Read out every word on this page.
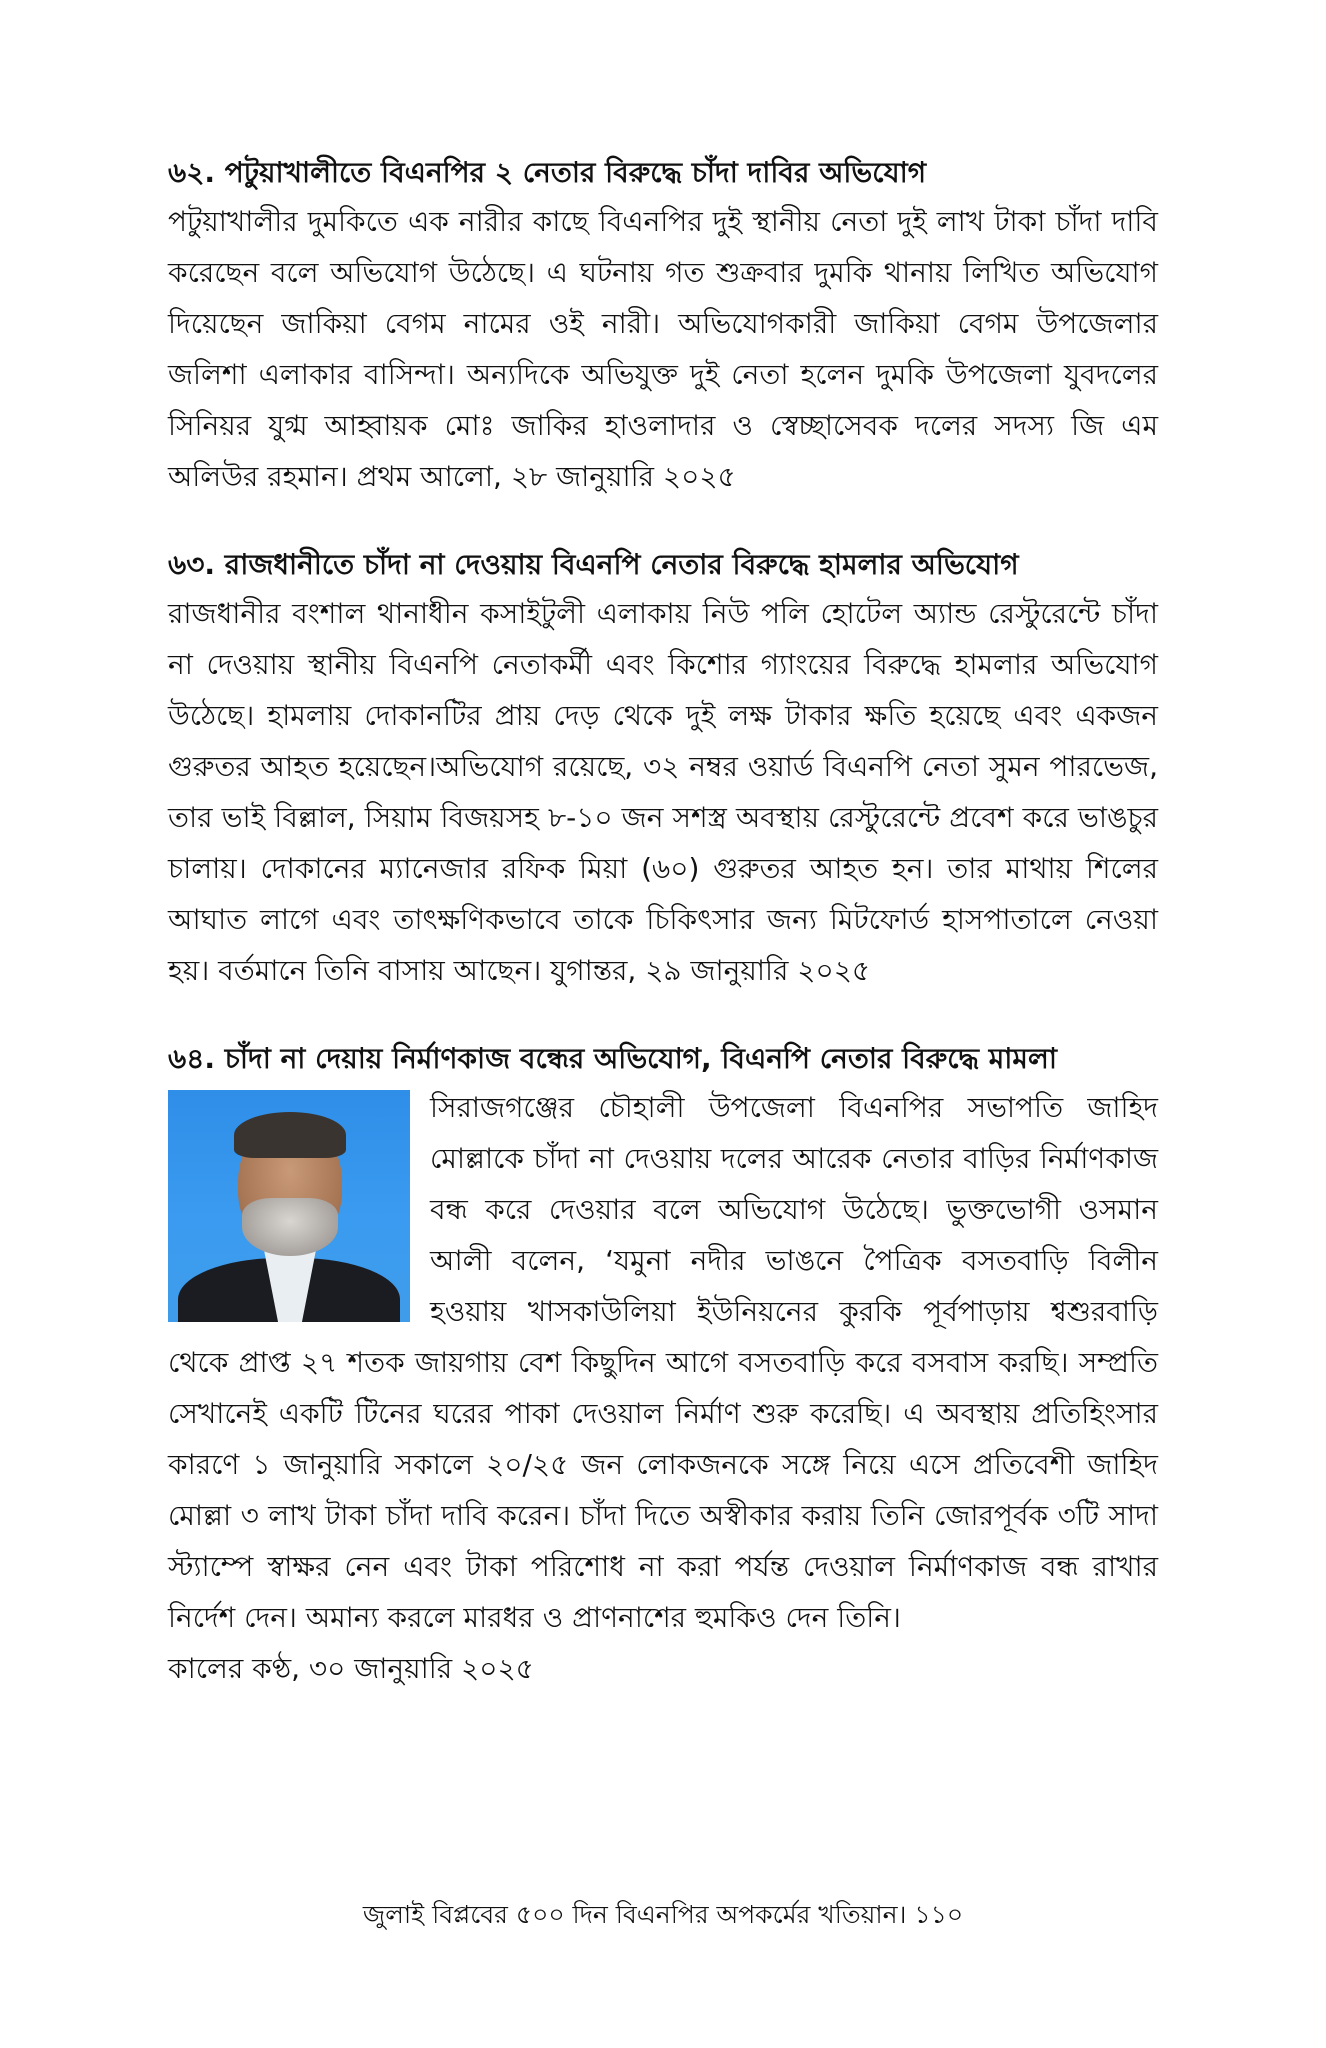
৬২. পটুয়াখালীতে বিএনপির ২ নেতার বিরুদ্ধে চাঁদা দাবির অভিযোগ

পটুয়াখালীর দুমকিতে এক নারীর কাছে বিএনপির দুই স্থানীয় নেতা দুই লাখ টাকা চাঁদা দাবি করেছেন বলে অভিযোগ উঠেছে। এ ঘটনায় গত শুক্রবার দুমকি থানায় লিখিত অভিযোগ দিয়েছেন জাকিয়া বেগম নামের ওই নারী। অভিযোগকারী জাকিয়া বেগম উপজেলার জলিশা এলাকার বাসিন্দা। অন্যদিকে অভিযুক্ত দুই নেতা হলেন দুমকি উপজেলা যুবদলের সিনিয়র যুগ্ম আহ্বায়ক মোঃ জাকির হাওলাদার ও স্বেচ্ছাসেবক দলের সদস্য জি এম অলিউর রহমান। প্রথম আলো, ২৮ জানুয়ারি ২০২৫

৬৩. রাজধানীতে চাঁদা না দেওয়ায় বিএনপি নেতার বিরুদ্ধে হামলার অভিযোগ

রাজধানীর বংশাল থানাধীন কসাইটুলী এলাকায় নিউ পলি হোটেল অ্যান্ড রেস্টুরেন্টে চাঁদা না দেওয়ায় স্থানীয় বিএনপি নেতাকর্মী এবং কিশোর গ্যাংয়ের বিরুদ্ধে হামলার অভিযোগ উঠেছে। হামলায় দোকানটির প্রায় দেড় থেকে দুই লক্ষ টাকার ক্ষতি হয়েছে এবং একজন গুরুতর আহত হয়েছেন।অভিযোগ রয়েছে, ৩২ নম্বর ওয়ার্ড বিএনপি নেতা সুমন পারভেজ, তার ভাই বিল্লাল, সিয়াম বিজয়সহ ৮-১০ জন সশস্ত্র অবস্থায় রেস্টুরেন্টে প্রবেশ করে ভাঙচুর চালায়। দোকানের ম্যানেজার রফিক মিয়া (৬০) গুরুতর আহত হন। তার মাথায় শিলের আঘাত লাগে এবং তাৎক্ষণিকভাবে তাকে চিকিৎসার জন্য মিটফোর্ড হাসপাতালে নেওয়া হয়। বর্তমানে তিনি বাসায় আছেন। যুগান্তর, ২৯ জানুয়ারি ২০২৫

৬৪. চাঁদা না দেয়ায় নির্মাণকাজ বন্ধের অভিযোগ, বিএনপি নেতার বিরুদ্ধে মামলা

সিরাজগঞ্জের চৌহালী উপজেলা বিএনপির সভাপতি জাহিদ মোল্লাকে চাঁদা না দেওয়ায় দলের আরেক নেতার বাড়ির নির্মাণকাজ বন্ধ করে দেওয়ার বলে অভিযোগ উঠেছে। ভুক্তভোগী ওসমান আলী বলেন, ‘যমুনা নদীর ভাঙনে পৈত্রিক বসতবাড়ি বিলীন হওয়ায় খাসকাউলিয়া ইউনিয়নের কুরকি পূর্বপাড়ায় শ্বশুরবাড়ি থেকে প্রাপ্ত ২৭ শতক জায়গায় বেশ কিছুদিন আগে বসতবাড়ি করে বসবাস করছি। সম্প্রতি সেখানেই একটি টিনের ঘরের পাকা দেওয়াল নির্মাণ শুরু করেছি। এ অবস্থায় প্রতিহিংসার কারণে ১ জানুয়ারি সকালে ২০/২৫ জন লোকজনকে সঙ্গে নিয়ে এসে প্রতিবেশী জাহিদ মোল্লা ৩ লাখ টাকা চাঁদা দাবি করেন। চাঁদা দিতে অস্বীকার করায় তিনি জোরপূর্বক ৩টি সাদা স্ট্যাম্পে স্বাক্ষর নেন এবং টাকা পরিশোধ না করা পর্যন্ত দেওয়াল নির্মাণকাজ বন্ধ রাখার নির্দেশ দেন। অমান্য করলে মারধর ও প্রাণনাশের হুমকিও দেন তিনি।
কালের কণ্ঠ, ৩০ জানুয়ারি ২০২৫

জুলাই বিপ্লবের ৫০০ দিন বিএনপির অপকর্মের খতিয়ান। ১১০
